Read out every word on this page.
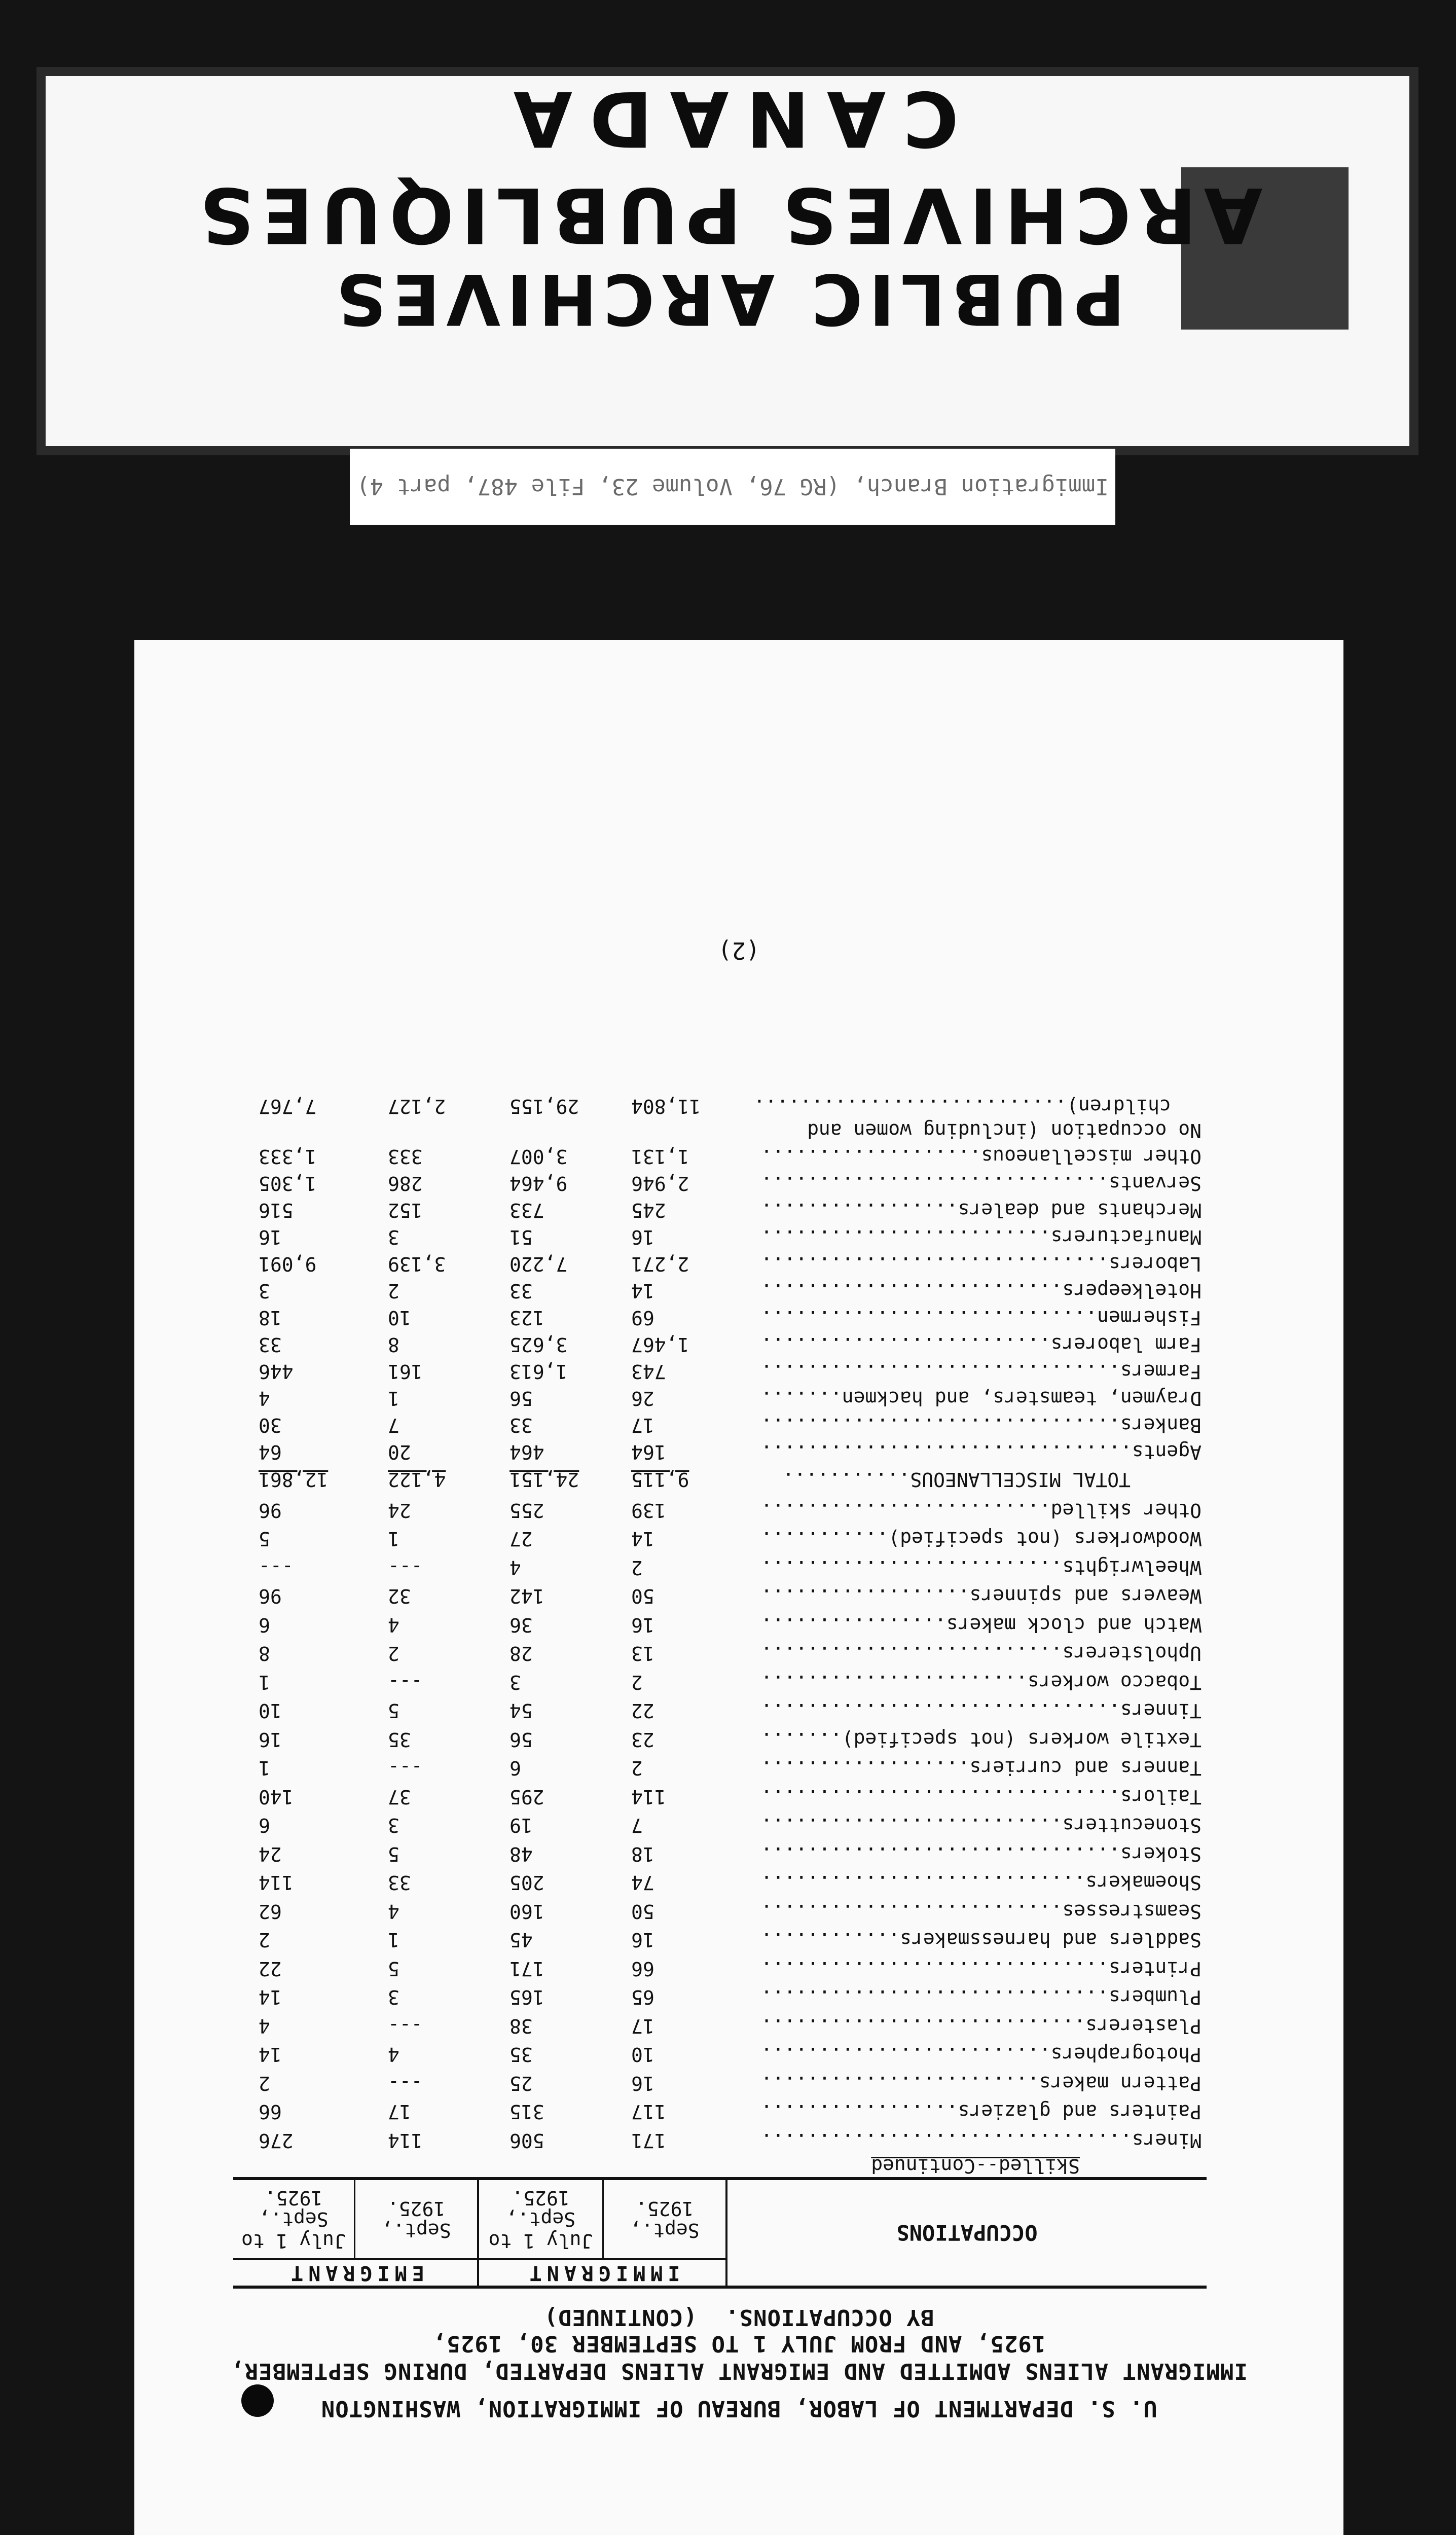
CANADA
ARCHIVES PUBLIQUES
PUBLIC ARCHIVES
Immigration Branch, (RG 76, Volume 23, File 487, part 4)
U. S. DEPARTMENT OF LABOR, BUREAU OF IMMIGRATION, WASHINGTON
IMMIGRANT ALIENS ADMITTED AND EMIGRANT ALIENS DEPARTED, DURING SEPTEMBER,
1925, AND FROM JULY 1 TO SEPTEMBER 30, 1925,
BY OCCUPATIONS.  (CONTINUED)
OCCUPATIONS
IMMIGRANT
EMIGRANT
Sept.,
1925.
July 1 to
Sept.,
1925.
Sept.,
1925.
July 1 to
Sept.,
1925.
Skilled--Continued
Miners................................
171
506
114
276
Painters and glaziers.................
117
315
17
66
Pattern makers........................
16
25
---
2
Photographers.........................
10
35
4
14
Plasterers............................
17
38
---
4
Plumbers..............................
65
165
3
14
Printers..............................
66
171
5
22
Saddlers and harnessmakers............
16
45
1
2
Seamstresses..........................
50
160
4
62
Shoemakers............................
74
205
33
114
Stokers...............................
18
48
5
24
Stonecutters..........................
7
19
3
6
Tailors...............................
114
295
37
140
Tanners and curriers..................
2
6
---
1
Textile workers (not specified).......
23
56
35
16
Tinners...............................
22
54
5
10
Tobacco workers.......................
2
3
---
1
Upholsterers..........................
13
28
2
8
Watch and clock makers................
16
36
4
6
Weavers and spinners..................
50
142
32
96
Wheelwrights..........................
2
4
---
---
Woodworkers (not specified)...........
14
27
1
5
Other skilled.........................
139
255
24
96
TOTAL MISCELLANEOUS...........
9,115
24,151
4,122
12,861
Agents................................
164
464
20
64
Bankers...............................
17
33
7
30
Draymen, teamsters, and hackmen.......
26
56
1
4
Farmers...............................
743
1,613
161
446
Farm laborers.........................
1,467
3,625
8
33
Fishermen.............................
69
123
10
18
Hotelkeepers..........................
14
33
2
3
Laborers..............................
2,271
7,220
3,139
9,091
Manufacturers.........................
16
51
3
16
Merchants and dealers.................
245
733
152
516
Servants..............................
2,946
9,464
286
1,305
Other miscellaneous...................
1,131
3,007
333
1,333
No occupation (including women and
children)...........................
11,804
29,155
2,127
7,767
(2)
